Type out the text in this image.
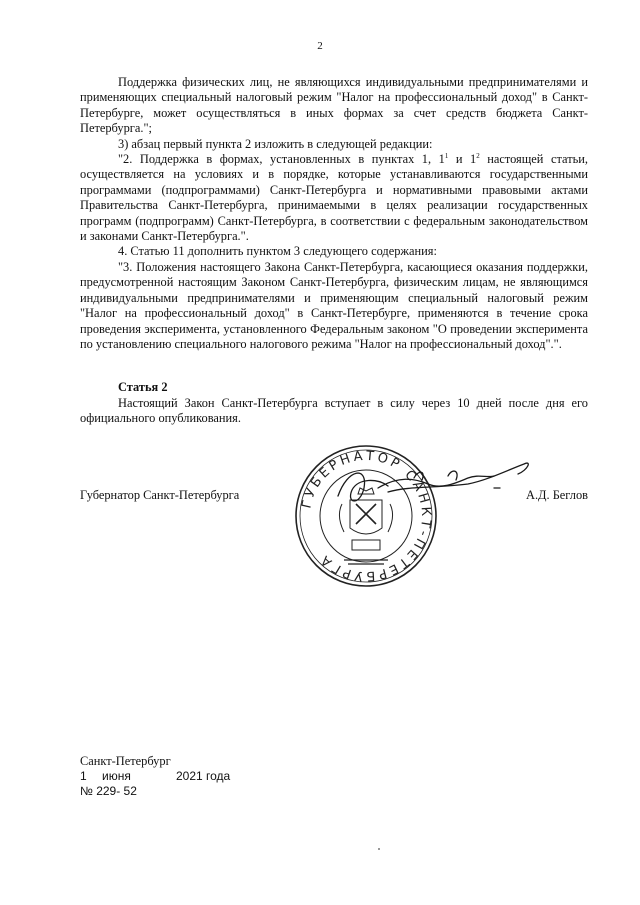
2

Поддержка физических лиц, не являющихся индивидуальными предпринимателями и применяющих специальный налоговый режим "Налог на профессиональный доход" в Санкт-Петербурге, может осуществляться в иных формах за счет средств бюджета Санкт-Петербурга.";

3) абзац первый пункта 2 изложить в следующей редакции:

"2. Поддержка в формах, установленных в пунктах 1, $1^1$ и $1^2$ настоящей статьи, осуществляется на условиях и в порядке, которые устанавливаются государственными программами (подпрограммами) Санкт-Петербурга и нормативными правовыми актами Правительства Санкт-Петербурга, принимаемыми в целях реализации государственных программ (подпрограмм) Санкт-Петербурга, в соответствии с федеральным законодательством и законами Санкт-Петербурга.".

4. Статью 11 дополнить пунктом 3 следующего содержания:

"3. Положения настоящего Закона Санкт-Петербурга, касающиеся оказания поддержки, предусмотренной настоящим Законом Санкт-Петербурга, физическим лицам, не являющимся индивидуальными предпринимателями и применяющим специальный налоговый режим "Налог на профессиональный доход" в Санкт-Петербурге, применяются в течение срока проведения эксперимента, установленного Федеральным законом "О проведении эксперимента по установлению специального налогового режима "Налог на профессиональный доход".".

Статья 2

Настоящий Закон Санкт-Петербурга вступает в силу через 10 дней после дня его официального опубликования.

ГУБЕРНАТОР САНКТ-ПЕТЕРБУРГА
Губернатор Санкт-Петербурга	А.Д. Беглов
Санкт-Петербург
1 июня	2021 года
№ 229- 52
